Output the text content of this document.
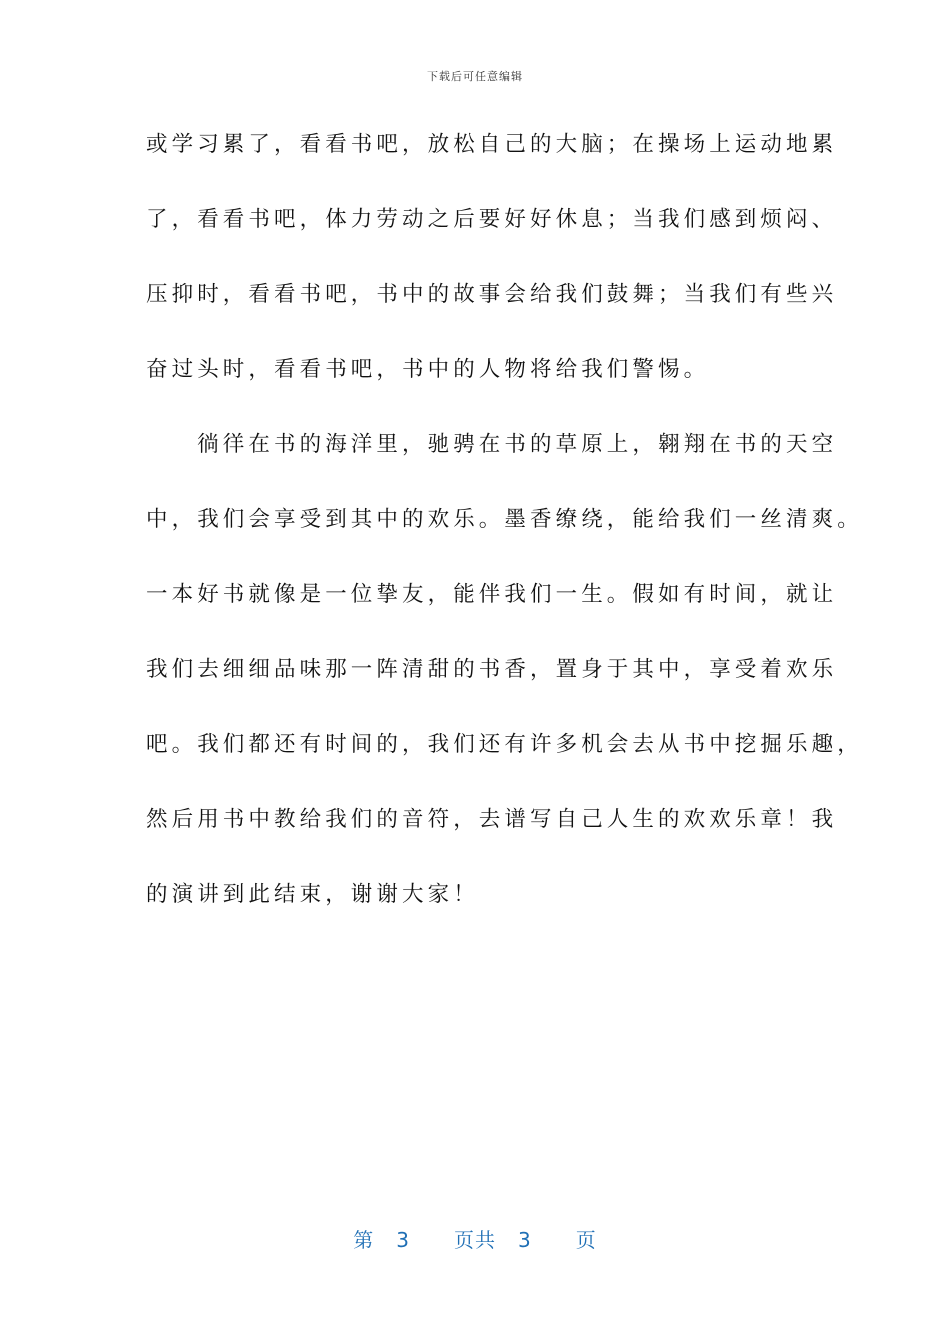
下载后可任意编辑
或学习累了，看看书吧，放松自己的大脑；在操场上运动地累
了，看看书吧，体力劳动之后要好好休息；当我们感到烦闷、
压抑时，看看书吧，书中的故事会给我们鼓舞；当我们有些兴
奋过头时，看看书吧，书中的人物将给我们警惕。
　　徜徉在书的海洋里，驰骋在书的草原上，翱翔在书的天空
中，我们会享受到其中的欢乐。墨香缭绕，能给我们一丝清爽。
一本好书就像是一位挚友，能伴我们一生。假如有时间，就让
我们去细细品味那一阵清甜的书香，置身于其中，享受着欢乐
吧。我们都还有时间的，我们还有许多机会去从书中挖掘乐趣，
然后用书中教给我们的音符，去谱写自己人生的欢欢乐章！我
的演讲到此结束，谢谢大家！
第 3 页共 3 页
